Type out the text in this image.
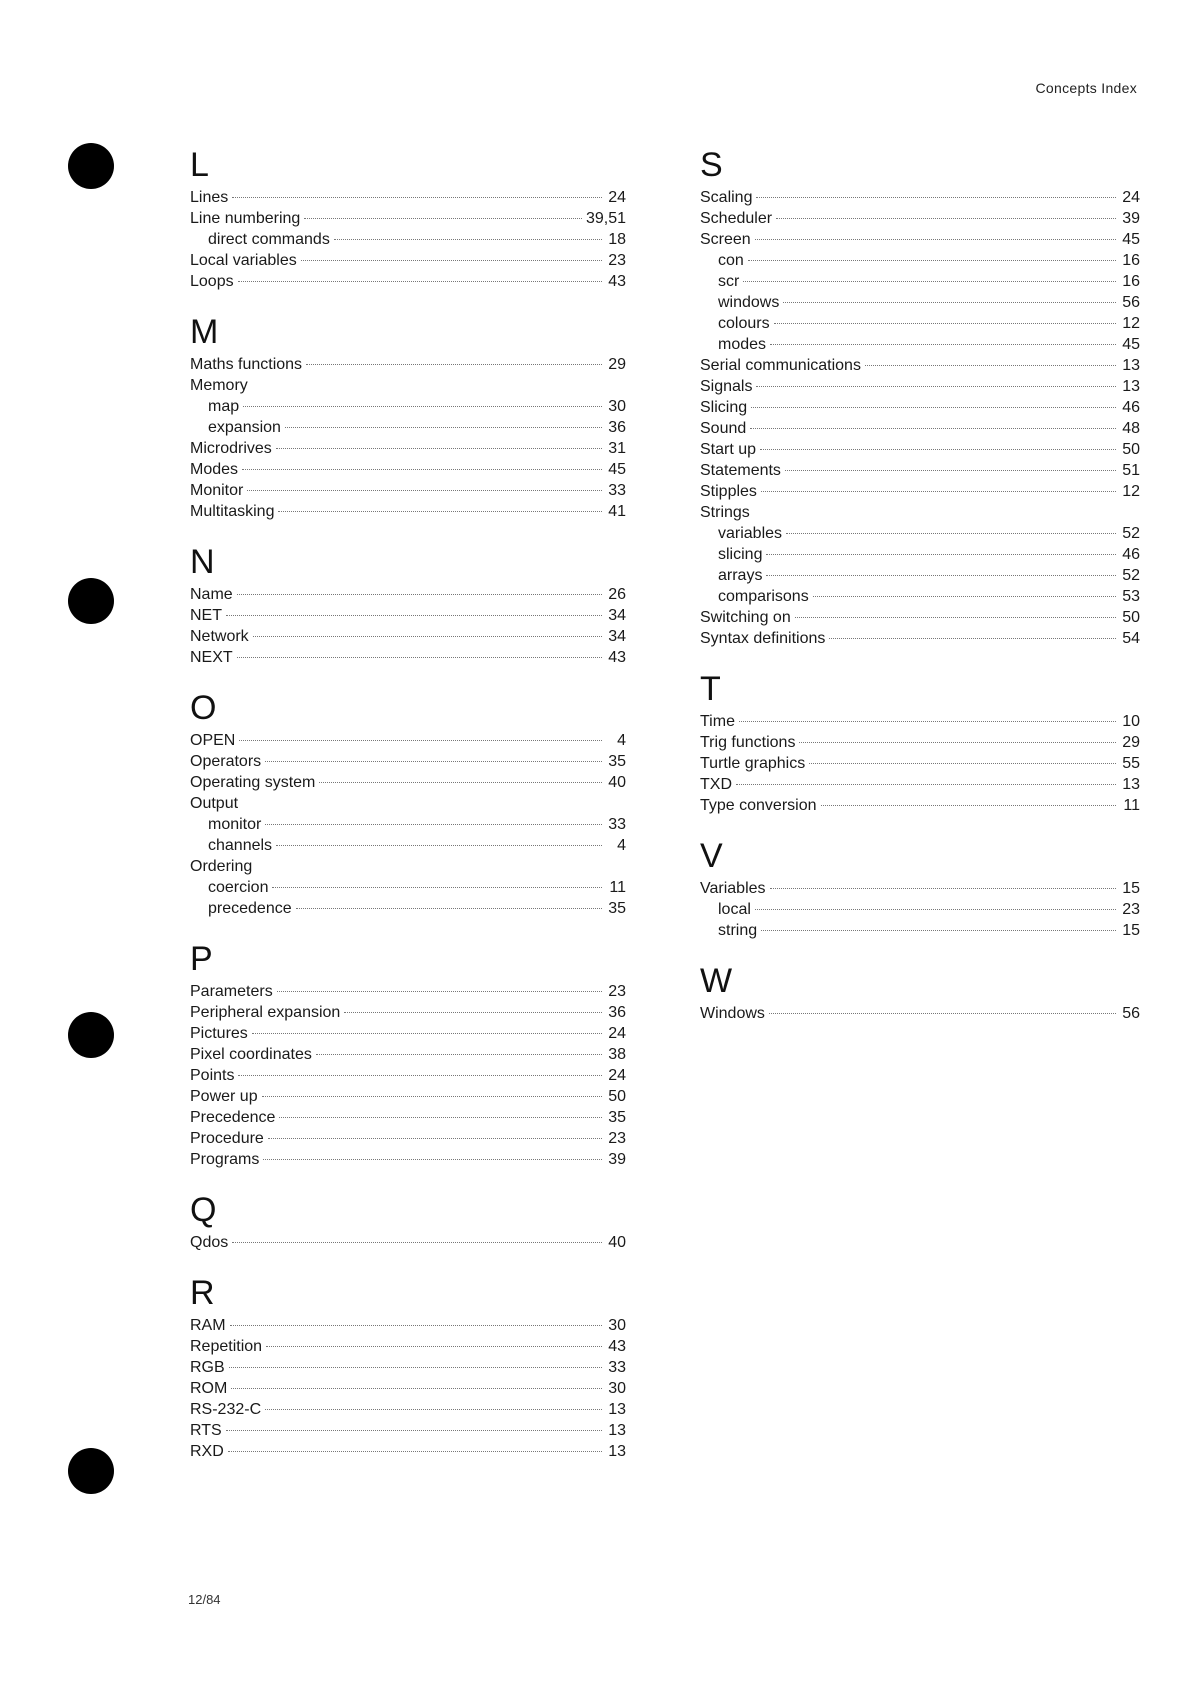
Concepts Index
L
Lines	24
Line numbering	39,51
direct commands	18
Local variables	23
Loops	43
M
Maths functions	29
Memory
map	30
expansion	36
Microdrives	31
Modes	45
Monitor	33
Multitasking	41
N
Name	26
NET	34
Network	34
NEXT	43
O
OPEN	4
Operators	35
Operating system	40
Output
monitor	33
channels	4
Ordering
coercion	11
precedence	35
P
Parameters	23
Peripheral expansion	36
Pictures	24
Pixel coordinates	38
Points	24
Power up	50
Precedence	35
Procedure	23
Programs	39
Q
Qdos	40
R
RAM	30
Repetition	43
RGB	33
ROM	30
RS-232-C	13
RTS	13
RXD	13
S
Scaling	24
Scheduler	39
Screen	45
con	16
scr	16
windows	56
colours	12
modes	45
Serial communications	13
Signals	13
Slicing	46
Sound	48
Start up	50
Statements	51
Stipples	12
Strings
variables	52
slicing	46
arrays	52
comparisons	53
Switching on	50
Syntax definitions	54
T
Time	10
Trig functions	29
Turtle graphics	55
TXD	13
Type conversion	11
V
Variables	15
local	23
string	15
W
Windows	56
12/84
